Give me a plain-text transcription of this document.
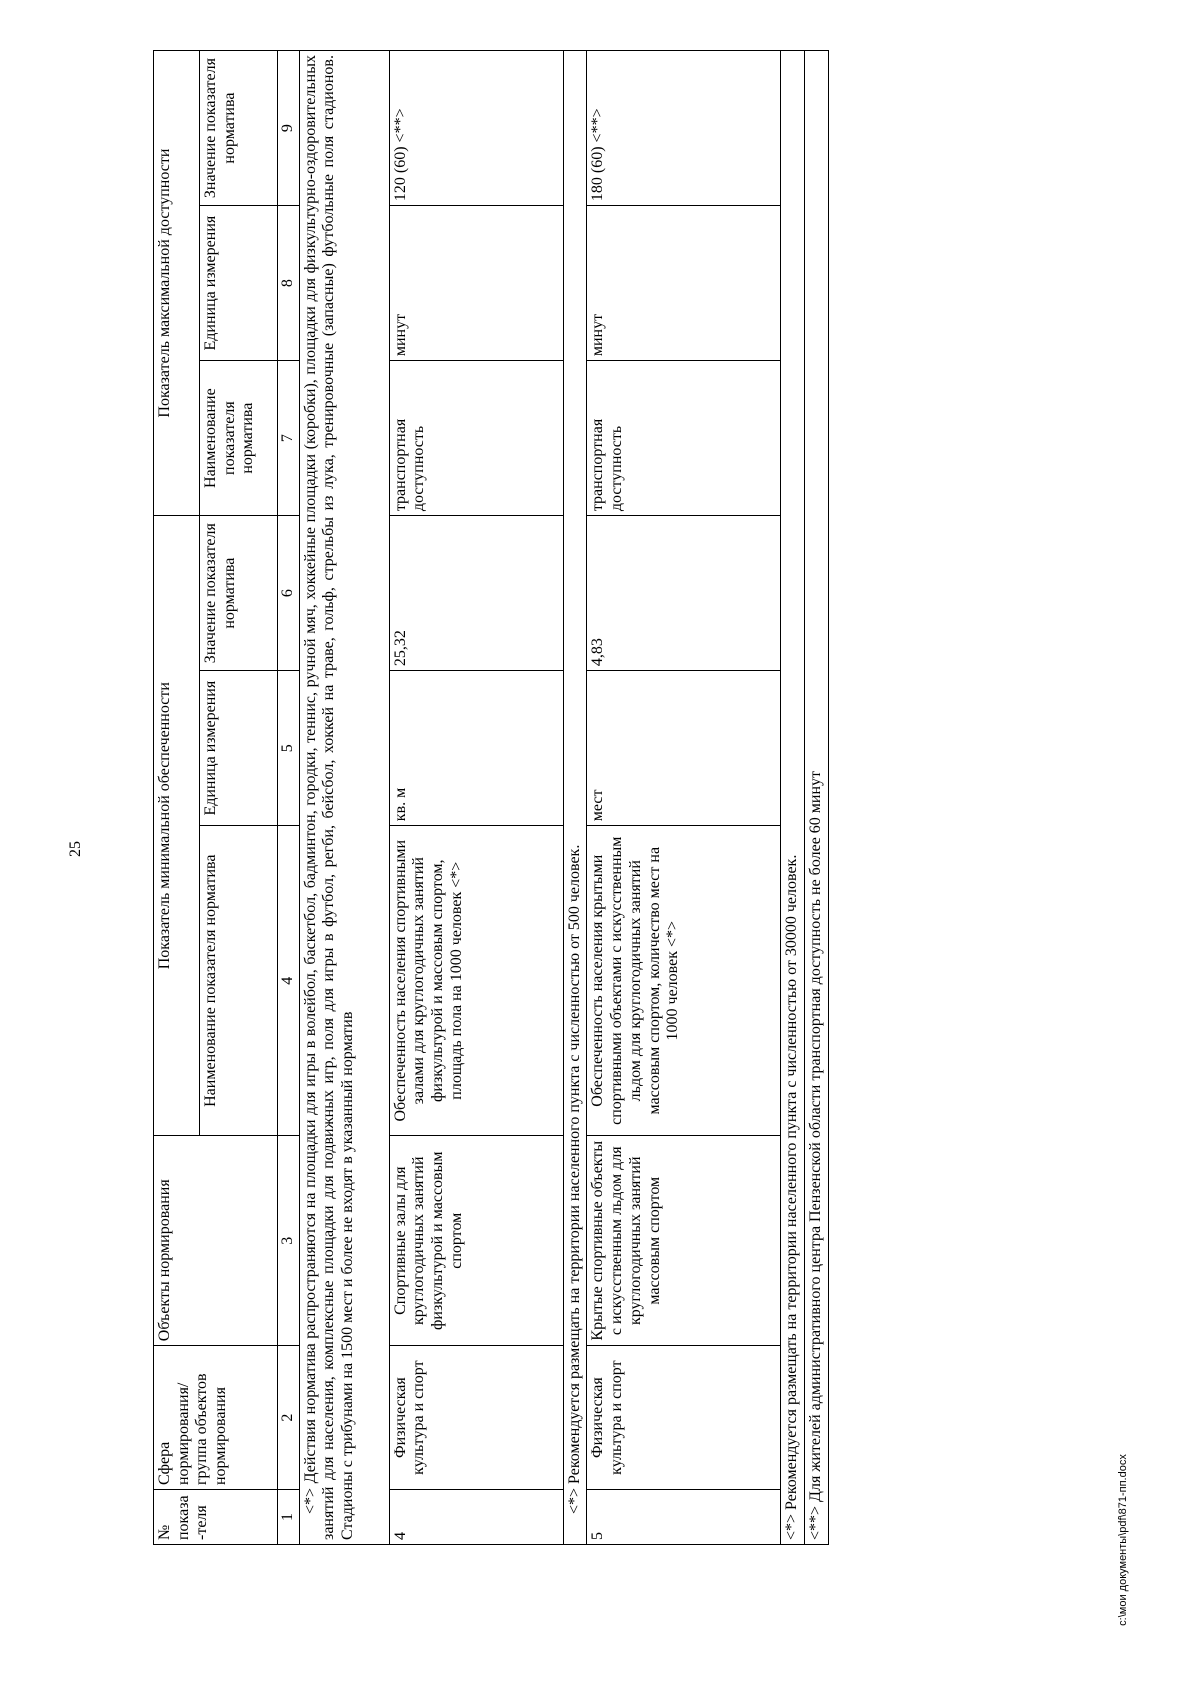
25
№ показа-теля	Сфера нормирования/ группа объектов нормирования	Объекты нормирования	Показатель минимальной обеспеченности			Показатель максимальной доступности		
			Наименование показателя норматива	Единица измерения	Значение показателя норматива	Наименование показателя норматива	Единица измерения	Значение показателя норматива
1	2	3	4	5	6	7	8	9
<*> Действия норматива распространяются на площадки для игры в волейбол, баскетбол, бадминтон, городки, теннис, ручной мяч, хоккейные площадки (коробки), площадки для физкультурно-оздоровительных занятий для населения, комплексные площадки для подвижных игр, поля для игры в футбол, регби, бейсбол, хоккей на траве, гольф, стрельбы из лука, тренировочные (запасные) футбольные поля стадионов. Стадионы с трибунами на 1500 мест и более не входят в указанный норматив								
4	Физическая культура и спорт	Спортивные залы для круглогодичных занятий физкультурой и массовым спортом	Обеспеченность населения спортивными залами для круглогодичных занятий физкультурой и массовым спортом, площадь пола на 1000 человек <*>	кв. м	25,32	транспортная доступность	минут	120 (60) <**>
<*> Рекомендуется размещать на территории населенного пункта с численностью от 500 человек.								
5	Физическая культура и спорт	Крытые спортивные объекты с искусственным льдом для круглогодичных занятий массовым спортом	Обеспеченность населения крытыми спортивными объектами с искусственным льдом для круглогодичных занятий массовым спортом, количество мест на 1000 человек <*>	мест	4,83	транспортная доступность	минут	180 (60) <**>
<*> Рекомендуется размещать на территории населенного пункта с численностью от 30000 человек.								
<**> Для жителей административного центра Пензенской области транспортная доступность не более 60 минут									c:\мои документы\pdf\871-пп.docx
